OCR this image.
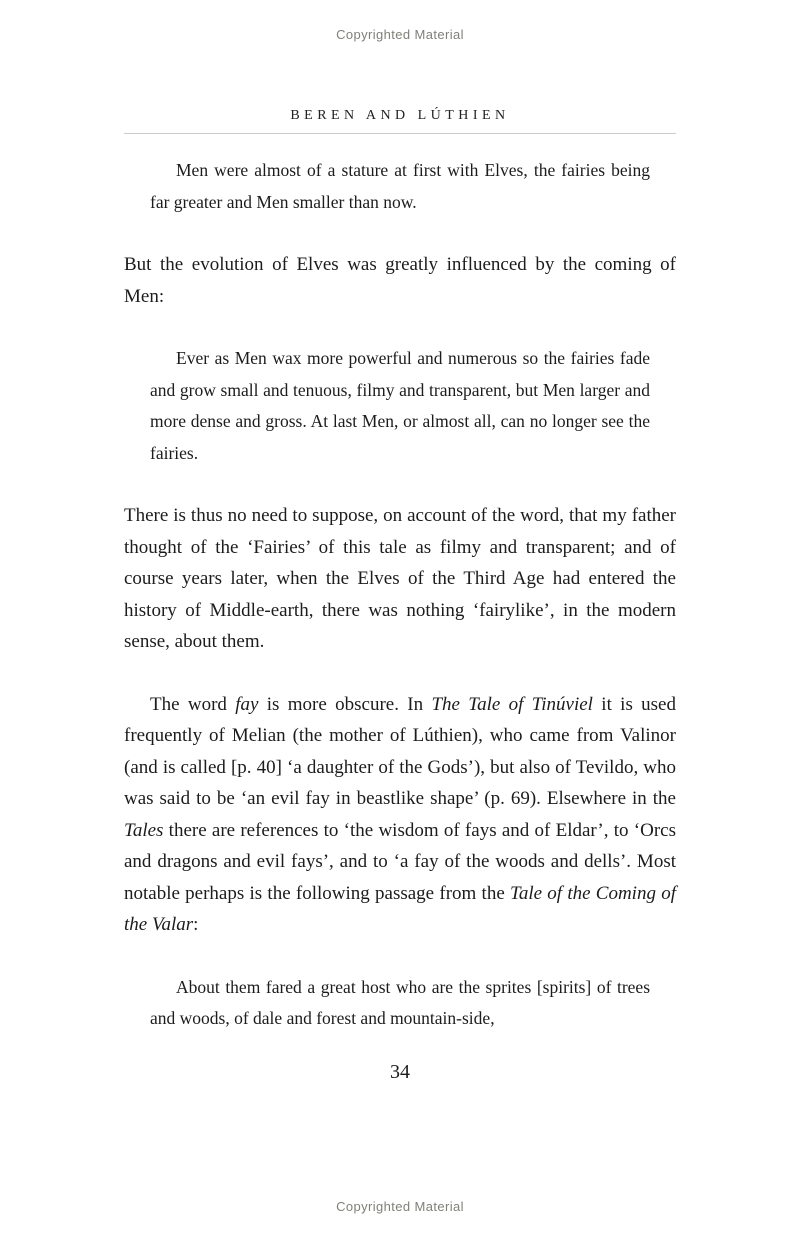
Copyrighted Material
BEREN AND LÚTHIEN

Men were almost of a stature at first with Elves, the fairies being far greater and Men smaller than now.

But the evolution of Elves was greatly influenced by the coming of Men:

Ever as Men wax more powerful and numerous so the fairies fade and grow small and tenuous, filmy and transparent, but Men larger and more dense and gross. At last Men, or almost all, can no longer see the fairies.

There is thus no need to suppose, on account of the word, that my father thought of the ‘Fairies’ of this tale as filmy and transparent; and of course years later, when the Elves of the Third Age had entered the history of Middle-earth, there was nothing ‘fairylike’, in the modern sense, about them.

The word fay is more obscure. In The Tale of Tinúviel it is used frequently of Melian (the mother of Lúthien), who came from Valinor (and is called [p. 40] ‘a daughter of the Gods’), but also of Tevildo, who was said to be ‘an evil fay in beastlike shape’ (p. 69). Elsewhere in the Tales there are references to ‘the wisdom of fays and of Eldar’, to ‘Orcs and dragons and evil fays’, and to ‘a fay of the woods and dells’. Most notable perhaps is the following passage from the Tale of the Coming of the Valar:

About them fared a great host who are the sprites [spirits] of trees and woods, of dale and forest and mountain-side,

34
Copyrighted Material
